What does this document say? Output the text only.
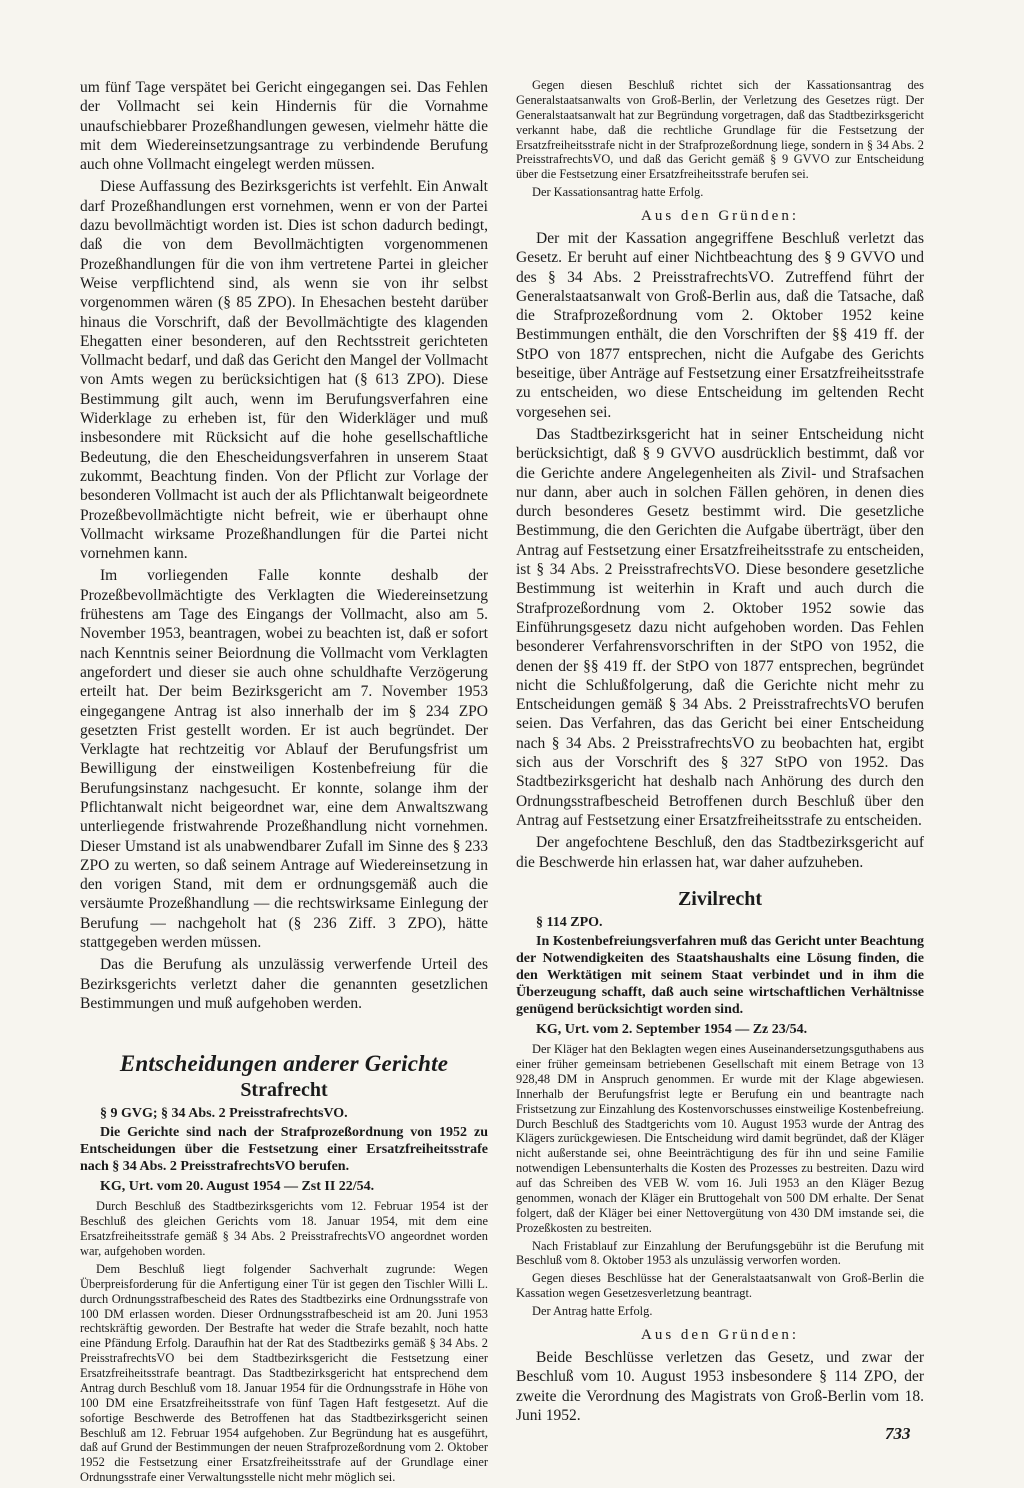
um fünf Tage verspätet bei Gericht eingegangen sei. Das Fehlen der Vollmacht sei kein Hindernis für die Vornahme unaufschiebbarer Prozeßhandlungen gewesen, vielmehr hätte die mit dem Wiedereinsetzungsantrage zu verbindende Berufung auch ohne Vollmacht eingelegt werden müssen.

Diese Auffassung des Bezirksgerichts ist verfehlt. Ein Anwalt darf Prozeßhandlungen erst vornehmen, wenn er von der Partei dazu bevollmächtigt worden ist. Dies ist schon dadurch bedingt, daß die von dem Bevollmächtigten vorgenommenen Prozeßhandlungen für die von ihm vertretene Partei in gleicher Weise verpflichtend sind, als wenn sie von ihr selbst vorgenommen wären (§ 85 ZPO). In Ehesachen besteht darüber hinaus die Vorschrift, daß der Bevollmächtigte des klagenden Ehegatten einer besonderen, auf den Rechtsstreit gerichteten Vollmacht bedarf, und daß das Gericht den Mangel der Vollmacht von Amts wegen zu berücksichtigen hat (§ 613 ZPO). Diese Bestimmung gilt auch, wenn im Berufungsverfahren eine Widerklage zu erheben ist, für den Widerkläger und muß insbesondere mit Rücksicht auf die hohe gesellschaftliche Bedeutung, die den Ehescheidungsverfahren in unserem Staat zukommt, Beachtung finden. Von der Pflicht zur Vorlage der besonderen Vollmacht ist auch der als Pflichtanwalt beigeordnete Prozeßbevollmächtigte nicht befreit, wie er überhaupt ohne Vollmacht wirksame Prozeßhandlungen für die Partei nicht vornehmen kann.

Im vorliegenden Falle konnte deshalb der Prozeßbevollmächtigte des Verklagten die Wiedereinsetzung frühestens am Tage des Eingangs der Vollmacht, also am 5. November 1953, beantragen, wobei zu beachten ist, daß er sofort nach Kenntnis seiner Beiordnung die Vollmacht vom Verklagten angefordert und dieser sie auch ohne schuldhafte Verzögerung erteilt hat. Der beim Bezirksgericht am 7. November 1953 eingegangene Antrag ist also innerhalb der im § 234 ZPO gesetzten Frist gestellt worden. Er ist auch begründet. Der Verklagte hat rechtzeitig vor Ablauf der Berufungsfrist um Bewilligung der einstweiligen Kostenbefreiung für die Berufungsinstanz nachgesucht. Er konnte, solange ihm der Pflichtanwalt nicht beigeordnet war, eine dem Anwaltszwang unterliegende fristwahrende Prozeßhandlung nicht vornehmen. Dieser Umstand ist als unabwendbarer Zufall im Sinne des § 233 ZPO zu werten, so daß seinem Antrage auf Wiedereinsetzung in den vorigen Stand, mit dem er ordnungsgemäß auch die versäumte Prozeßhandlung — die rechtswirksame Einlegung der Berufung — nachgeholt hat (§ 236 Ziff. 3 ZPO), hätte stattgegeben werden müssen.

Das die Berufung als unzulässig verwerfende Urteil des Bezirksgerichts verletzt daher die genannten gesetzlichen Bestimmungen und muß aufgehoben werden.

Entscheidungen anderer Gerichte
Strafrecht
§ 9 GVG; § 34 Abs. 2 PreisstrafrechtsVO.

Die Gerichte sind nach der Strafprozeßordnung von 1952 zu Entscheidungen über die Festsetzung einer Ersatzfreiheitsstrafe nach § 34 Abs. 2 PreisstrafrechtsVO berufen.

KG, Urt. vom 20. August 1954 — Zst II 22/54.

Durch Beschluß des Stadtbezirksgerichts vom 12. Februar 1954 ist der Beschluß des gleichen Gerichts vom 18. Januar 1954, mit dem eine Ersatzfreiheitsstrafe gemäß § 34 Abs. 2 PreisstrafrechtsVO angeordnet worden war, aufgehoben worden.

Dem Beschluß liegt folgender Sachverhalt zugrunde: Wegen Überpreisforderung für die Anfertigung einer Tür ist gegen den Tischler Willi L. durch Ordnungsstrafbescheid des Rates des Stadtbezirks eine Ordnungsstrafe von 100 DM erlassen worden. Dieser Ordnungsstrafbescheid ist am 20. Juni 1953 rechtskräftig geworden. Der Bestrafte hat weder die Strafe bezahlt, noch hatte eine Pfändung Erfolg. Daraufhin hat der Rat des Stadtbezirks gemäß § 34 Abs. 2 PreisstrafrechtsVO bei dem Stadtbezirksgericht die Festsetzung einer Ersatzfreiheitsstrafe beantragt. Das Stadtbezirksgericht hat entsprechend dem Antrag durch Beschluß vom 18. Januar 1954 für die Ordnungsstrafe in Höhe von 100 DM eine Ersatzfreiheitsstrafe von fünf Tagen Haft festgesetzt. Auf die sofortige Beschwerde des Betroffenen hat das Stadtbezirksgericht seinen Beschluß am 12. Februar 1954 aufgehoben. Zur Begründung hat es ausgeführt, daß auf Grund der Bestimmungen der neuen Strafprozeßordnung vom 2. Oktober 1952 die Festsetzung einer Ersatzfreiheitsstrafe auf der Grundlage einer Ordnungsstrafe einer Verwaltungsstelle nicht mehr möglich sei.

Gegen diesen Beschluß richtet sich der Kassationsantrag des Generalstaatsanwalts von Groß-Berlin, der Verletzung des Gesetzes rügt. Der Generalstaatsanwalt hat zur Begründung vorgetragen, daß das Stadtbezirksgericht verkannt habe, daß die rechtliche Grundlage für die Festsetzung der Ersatzfreiheitsstrafe nicht in der Strafprozeßordnung liege, sondern in § 34 Abs. 2 PreisstrafrechtsVO, und daß das Gericht gemäß § 9 GVVO zur Entscheidung über die Festsetzung einer Ersatzfreiheitsstrafe berufen sei.

Der Kassationsantrag hatte Erfolg.

Aus den Gründen:

Der mit der Kassation angegriffene Beschluß verletzt das Gesetz. Er beruht auf einer Nichtbeachtung des § 9 GVVO und des § 34 Abs. 2 PreisstrafrechtsVO. Zutreffend führt der Generalstaatsanwalt von Groß-Berlin aus, daß die Tatsache, daß die Strafprozeßordnung vom 2. Oktober 1952 keine Bestimmungen enthält, die den Vorschriften der §§ 419 ff. der StPO von 1877 entsprechen, nicht die Aufgabe des Gerichts beseitige, über Anträge auf Festsetzung einer Ersatzfreiheitsstrafe zu entscheiden, wo diese Entscheidung im geltenden Recht vorgesehen sei.

Das Stadtbezirksgericht hat in seiner Entscheidung nicht berücksichtigt, daß § 9 GVVO ausdrücklich bestimmt, daß vor die Gerichte andere Angelegenheiten als Zivil- und Strafsachen nur dann, aber auch in solchen Fällen gehören, in denen dies durch besonderes Gesetz bestimmt wird. Die gesetzliche Bestimmung, die den Gerichten die Aufgabe überträgt, über den Antrag auf Festsetzung einer Ersatzfreiheitsstrafe zu entscheiden, ist § 34 Abs. 2 PreisstrafrechtsVO. Diese besondere gesetzliche Bestimmung ist weiterhin in Kraft und auch durch die Strafprozeßordnung vom 2. Oktober 1952 sowie das Einführungsgesetz dazu nicht aufgehoben worden. Das Fehlen besonderer Verfahrensvorschriften in der StPO von 1952, die denen der §§ 419 ff. der StPO von 1877 entsprechen, begründet nicht die Schlußfolgerung, daß die Gerichte nicht mehr zu Entscheidungen gemäß § 34 Abs. 2 PreisstrafrechtsVO berufen seien. Das Verfahren, das das Gericht bei einer Entscheidung nach § 34 Abs. 2 PreisstrafrechtsVO zu beobachten hat, ergibt sich aus der Vorschrift des § 327 StPO von 1952. Das Stadtbezirksgericht hat deshalb nach Anhörung des durch den Ordnungsstrafbescheid Betroffenen durch Beschluß über den Antrag auf Festsetzung einer Ersatzfreiheitsstrafe zu entscheiden.

Der angefochtene Beschluß, den das Stadtbezirksgericht auf die Beschwerde hin erlassen hat, war daher aufzuheben.

Zivilrecht
§ 114 ZPO.

In Kostenbefreiungsverfahren muß das Gericht unter Beachtung der Notwendigkeiten des Staatshaushalts eine Lösung finden, die den Werktätigen mit seinem Staat verbindet und in ihm die Überzeugung schafft, daß auch seine wirtschaftlichen Verhältnisse genügend berücksichtigt worden sind.

KG, Urt. vom 2. September 1954 — Zz 23/54.

Der Kläger hat den Beklagten wegen eines Auseinandersetzungsguthabens aus einer früher gemeinsam betriebenen Gesellschaft mit einem Betrage von 13 928,48 DM in Anspruch genommen. Er wurde mit der Klage abgewiesen. Innerhalb der Berufungsfrist legte er Berufung ein und beantragte nach Fristsetzung zur Einzahlung des Kostenvorschusses einstweilige Kostenbefreiung. Durch Beschluß des Stadtgerichts vom 10. August 1953 wurde der Antrag des Klägers zurückgewiesen. Die Entscheidung wird damit begründet, daß der Kläger nicht außerstande sei, ohne Beeinträchtigung des für ihn und seine Familie notwendigen Lebensunterhalts die Kosten des Prozesses zu bestreiten. Dazu wird auf das Schreiben des VEB W. vom 16. Juli 1953 an den Kläger Bezug genommen, wonach der Kläger ein Bruttogehalt von 500 DM erhalte. Der Senat folgert, daß der Kläger bei einer Nettovergütung von 430 DM imstande sei, die Prozeßkosten zu bestreiten.

Nach Fristablauf zur Einzahlung der Berufungsgebühr ist die Berufung mit Beschluß vom 8. Oktober 1953 als unzulässig verworfen worden.

Gegen dieses Beschlüsse hat der Generalstaatsanwalt von Groß-Berlin die Kassation wegen Gesetzesverletzung beantragt.

Der Antrag hatte Erfolg.

Aus den Gründen:

Beide Beschlüsse verletzen das Gesetz, und zwar der Beschluß vom 10. August 1953 insbesondere § 114 ZPO, der zweite die Verordnung des Magistrats von Groß-Berlin vom 18. Juni 1952.

733
